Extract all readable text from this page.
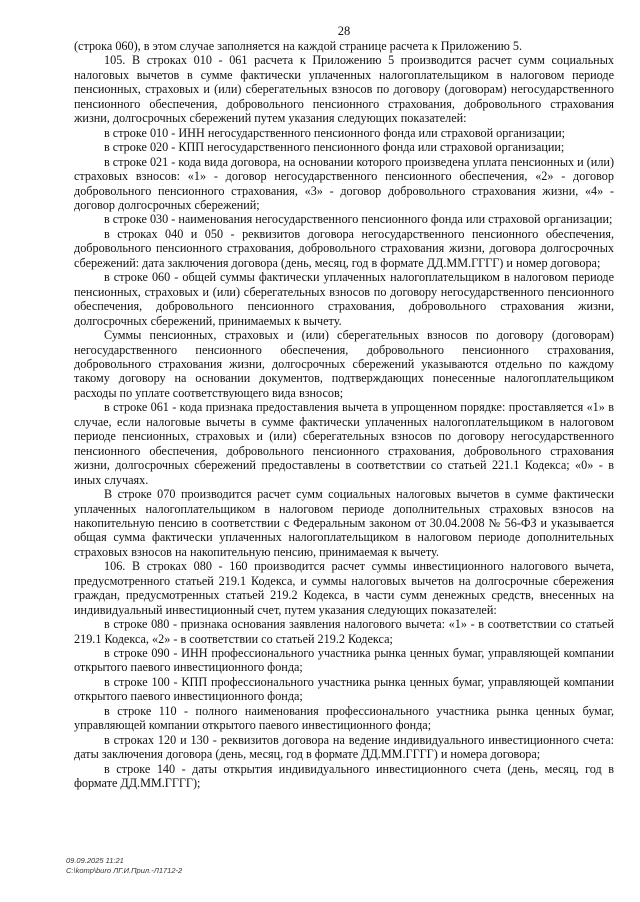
28

(строка 060), в этом случае заполняется на каждой странице расчета к Приложению 5.

105. В строках 010 - 061 расчета к Приложению 5 производится расчет сумм социальных налоговых вычетов в сумме фактически уплаченных налогоплательщиком в налоговом периоде пенсионных, страховых и (или) сберегательных взносов по договору (договорам) негосударственного пенсионного обеспечения, добровольного пенсионного страхования, добровольного страхования жизни, долгосрочных сбережений путем указания следующих показателей:

в строке 010 - ИНН негосударственного пенсионного фонда или страховой организации;

в строке 020 - КПП негосударственного пенсионного фонда или страховой организации;

в строке 021 - кода вида договора, на основании которого произведена уплата пенсионных и (или) страховых взносов: «1» - договор негосударственного пенсионного обеспечения, «2» - договор добровольного пенсионного страхования, «3» - договор добровольного страхования жизни, «4» - договор долгосрочных сбережений;

в строке 030 - наименования негосударственного пенсионного фонда или страховой организации;

в строках 040 и 050 - реквизитов договора негосударственного пенсионного обеспечения, добровольного пенсионного страхования, добровольного страхования жизни, договора долгосрочных сбережений: дата заключения договора (день, месяц, год в формате ДД.ММ.ГГГГ) и номер договора;

в строке 060 - общей суммы фактически уплаченных налогоплательщиком в налоговом периоде пенсионных, страховых и (или) сберегательных взносов по договору негосударственного пенсионного обеспечения, добровольного пенсионного страхования, добровольного страхования жизни, долгосрочных сбережений, принимаемых к вычету.

Суммы пенсионных, страховых и (или) сберегательных взносов по договору (договорам) негосударственного пенсионного обеспечения, добровольного пенсионного страхования, добровольного страхования жизни, долгосрочных сбережений указываются отдельно по каждому такому договору на основании документов, подтверждающих понесенные налогоплательщиком расходы по уплате соответствующего вида взносов;

в строке 061 - кода признака предоставления вычета в упрощенном порядке: проставляется «1» в случае, если налоговые вычеты в сумме фактически уплаченных налогоплательщиком в налоговом периоде пенсионных, страховых и (или) сберегательных взносов по договору негосударственного пенсионного обеспечения, добровольного пенсионного страхования, добровольного страхования жизни, долгосрочных сбережений предоставлены в соответствии со статьей 221.1 Кодекса; «0» - в иных случаях.

В строке 070 производится расчет сумм социальных налоговых вычетов в сумме фактически уплаченных налогоплательщиком в налоговом периоде дополнительных страховых взносов на накопительную пенсию в соответствии с Федеральным законом от 30.04.2008 № 56-ФЗ и указывается общая сумма фактически уплаченных налогоплательщиком в налоговом периоде дополнительных страховых взносов на накопительную пенсию, принимаемая к вычету.

106. В строках 080 - 160 производится расчет суммы инвестиционного налогового вычета, предусмотренного статьей 219.1 Кодекса, и суммы налоговых вычетов на долгосрочные сбережения граждан, предусмотренных статьей 219.2 Кодекса, в части сумм денежных средств, внесенных на индивидуальный инвестиционный счет, путем указания следующих показателей:

в строке 080 - признака основания заявления налогового вычета: «1» - в соответствии со статьей 219.1 Кодекса, «2» - в соответствии со статьей 219.2 Кодекса;

в строке 090 - ИНН профессионального участника рынка ценных бумаг, управляющей компании открытого паевого инвестиционного фонда;

в строке 100 - КПП профессионального участника рынка ценных бумаг, управляющей компании открытого паевого инвестиционного фонда;

в строке 110 - полного наименования профессионального участника рынка ценных бумаг, управляющей компании открытого паевого инвестиционного фонда;

в строках 120 и 130 - реквизитов договора на ведение индивидуального инвестиционного счета: даты заключения договора (день, месяц, год в формате ДД.ММ.ГГГГ) и номера договора;

в строке 140 - даты открытия индивидуального инвестиционного счета (день, месяц, год в формате ДД.ММ.ГГГГ);

09.09.2025 11:21
C:\komp\buro ЛГ.И.Прил.-Л1712-2
